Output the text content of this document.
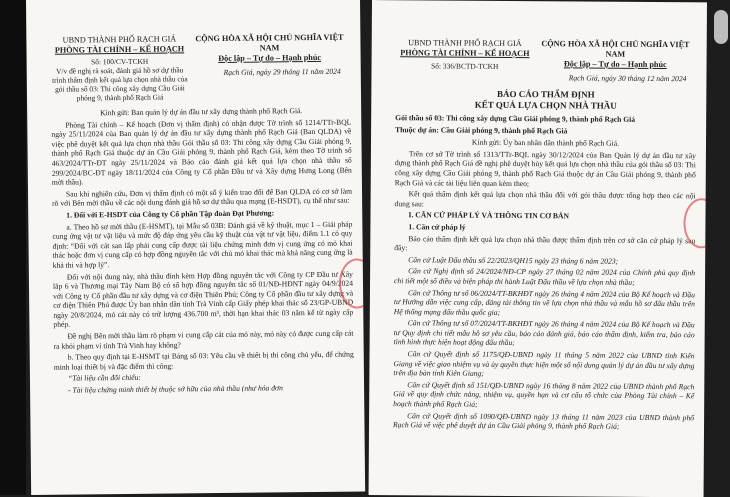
UBND THÀNH PHỐ RẠCH GIÁ
PHÒNG TÀI CHÍNH – KẾ HOẠCH
Số: 100/CV-TCKH
V/v đề nghị rà soát, đánh giá hồ sơ dự thầu trình thẩm định kết quả lựa chọn nhà thầu của gói thầu số 03: Thi công xây dựng Cầu Giải phóng 9, thành phố Rạch Giá
CỘNG HÒA XÃ HỘI CHỦ NGHĨA VIỆT NAM
Độc lập – Tự do – Hạnh phúc
Rạch Giá, ngày 29 tháng 11 năm 2024

Kính gửi: Ban quản lý dự án đầu tư xây dựng thành phố Rạch Giá.

Phòng Tài chính – Kế hoạch (Đơn vị thẩm định) có nhận được Tờ trình số 1214/TTr-BQL ngày 25/11/2024 của Ban quản lý dự án đầu tư xây dựng thành phố Rạch Giá (Ban QLDA) về việc phê duyệt kết quả lựa chọn nhà thầu Gói thầu số 03: Thi công xây dựng Cầu Giải phóng 9, thành phố Rạch Giá thuộc dự án Cầu Giải phóng 9, thành phố Rạch Giá, kèm theo Tờ trình số 463/2024/TTr-ĐT ngày 25/11/2024 và Báo cáo đánh giá kết quả lựa chọn nhà thầu số 299/2024/BC-ĐT ngày 18/11/2024 của Công ty Cổ phần Đầu tư và Xây dựng Hưng Long (Bên mời thầu).

Sau khi nghiên cứu, Đơn vị thẩm định có một số ý kiến trao đổi để Ban QLDA có cơ sở làm rõ với Bên mời thầu về các nội dung đánh giá hồ sơ dự thầu qua mạng (E-HSDT), cụ thể như sau:

1. Đối với E-HSDT của Công ty Cổ phần Tập đoàn Đạt Phương:

a. Theo hồ sơ mời thầu (E-HSMT), tại Mẫu số 03B: Đánh giá về kỹ thuật, mục 1 – Giải pháp cung ứng vật tư vật liệu và mức độ đáp ứng yêu cầu kỹ thuật của vật tư vật liệu, điểm 1.1 có quy định: “Đối với cát san lấp phải cung cấp được tài liệu chứng minh đơn vị cung ứng có mỏ khai thác hoặc đơn vị cung cấp có hợp đồng nguyên tắc với chủ mỏ khai thác mà khả năng cung ứng là khả thi và hợp lý”.

Đối với nội dung này, nhà thầu đính kèm Hợp đồng nguyên tắc với Công ty CP Đầu tư Xây lắp 6 và Thương mại Tây Nam Bộ có số hợp đồng nguyên tắc số 01/NĐ-HĐNT ngày 04/9/2024 với Công ty Cổ phần đầu tư xây dựng và cơ điện Thiên Phú; Công ty Cổ phần đầu tư xây dựng và cơ điện Thiên Phú được Ủy ban nhân dân tỉnh Trà Vinh cấp Giấy phép khai thác số 23/GP-UBND ngày 20/8/2024, mỏ cát này có trữ lượng 436.700 m³, thời hạn khai thác 03 năm kể từ ngày cấp phép.

Đề nghị Bên mời thầu làm rõ phạm vi cung cấp cát của mỏ này, mỏ này có được cung cấp cát ra khỏi phạm vi tỉnh Trà Vinh hay không?

b. Theo quy định tại E-HSMT tại Bảng số 03: Yêu cầu về thiết bị thi công chủ yếu, để chứng minh loại thiết bị và đặc điểm thì công:

“Tài liệu cần đối chiếu:

- Tài liệu chứng minh thiết bị thuộc sở hữu của nhà thầu (như hóa đơn

UBND THÀNH PHỐ RẠCH GIÁ
PHÒNG TÀI CHÍNH – KẾ HOẠCH
Số: 336/BCTD-TCKH
CỘNG HÒA XÃ HỘI CHỦ NGHĨA VIỆT NAM
Độc lập – Tự do – Hạnh phúc
Rạch Giá, ngày 30 tháng 12 năm 2024

BÁO CÁO THẨM ĐỊNH

KẾT QUẢ LỰA CHỌN NHÀ THẦU

Gói thầu số 03: Thi công xây dựng Cầu Giải phóng 9, thành phố Rạch Giá

Thuộc dự án: Cầu Giải phóng 9, thành phố Rạch Giá

Kính gửi: Ủy ban nhân dân thành phố Rạch Giá.

Trên cơ sở Tờ trình số 1313/TTr-BQL ngày 30/12/2024 của Ban Quản lý dự án đầu tư xây dựng thành phố Rạch Giá đề nghị phê duyệt hủy kết quả lựa chọn nhà thầu của gói thầu số 03: Thi công xây dựng Cầu Giải phóng 9, thành phố Rạch Giá thuộc dự án Cầu Giải phóng 9, thành phố Rạch Giá và các tài liệu liên quan kèm theo;

Kết quả thẩm định kết quả lựa chọn nhà thầu đối với gói thầu được tổng hợp theo các nội dung sau:

I. CĂN CỨ PHÁP LÝ VÀ THÔNG TIN CƠ BẢN

1. Căn cứ pháp lý

Báo cáo thẩm định kết quả lựa chọn nhà thầu được thẩm định trên cơ sở căn cứ pháp lý sau đây:

Căn cứ Luật Đấu thầu số 22/2023/QH15 ngày 23 tháng 6 năm 2023;

Căn cứ Nghị định số 24/2024/NĐ-CP ngày 27 tháng 02 năm 2024 của Chính phủ quy định chi tiết một số điều và biện pháp thi hành Luật Đấu thầu về lựa chọn nhà thầu;

Căn cứ Thông tư số 06/2024/TT-BKHĐT ngày 26 tháng 4 năm 2024 của Bộ Kế hoạch và Đầu tư Hướng dẫn việc cung cấp, đăng tải thông tin về lựa chọn nhà thầu và mẫu hồ sơ đấu thầu trên Hệ thống mạng đấu thầu quốc gia;

Căn cứ Thông tư số 07/2024/TT-BKHĐT ngày 26 tháng 4 năm 2024 của Bộ Kế hoạch và Đầu tư Quy định chi tiết mẫu hồ sơ yêu cầu, báo cáo đánh giá, báo cáo thẩm định, kiểm tra, báo cáo tình hình thực hiện hoạt động đấu thầu;

Căn cứ Quyết định số 1175/QĐ-UBND ngày 11 tháng 5 năm 2022 của UBND tỉnh Kiên Giang về việc giao nhiệm vụ và ủy quyền thực hiện một số nội dung quản lý dự án đầu tư xây dựng trên địa bàn tỉnh Kiên Giang;

Căn cứ Quyết định số 151/QĐ-UBND ngày 16 tháng 8 năm 2022 của UBND thành phố Rạch Giá về quy định chức năng, nhiệm vụ, quyền hạn và cơ cấu tổ chức của Phòng Tài chính – Kế hoạch thành phố Rạch Giá;

Căn cứ Quyết định số 1090/QĐ-UBND ngày 13 tháng 11 năm 2023 của UBND thành phố Rạch Giá về việc phê duyệt dự án Cầu Giải phóng 9, thành phố Rạch Giá;
